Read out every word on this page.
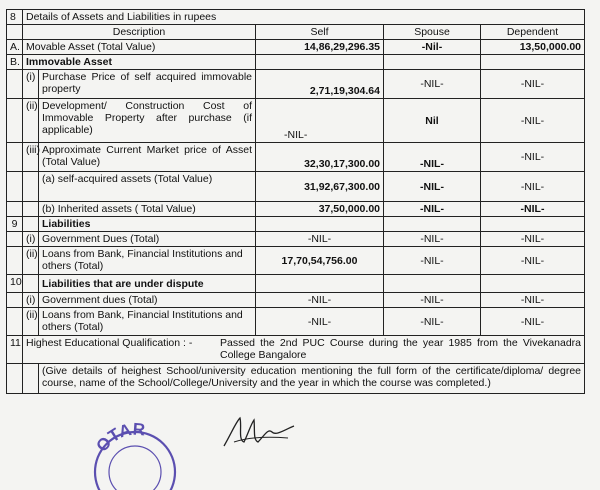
8	Details of Assets and Liabilities in rupees				
	Description		Self	Spouse	Dependent
A.	Movable Asset (Total Value)		14,86,29,296.35	-Nil-	13,50,000.00
B.	Immovable Asset				
	(i)	Purchase Price of self acquired immovable property	2,71,19,304.64	-NIL-	-NIL-
	(ii)	Development/ Construction Cost of Immovable Property after purchase (if applicable)	-NIL-	Nil	-NIL-
	(iii)	Approximate Current Market price of Asset (Total Value)	32,30,17,300.00	-NIL-	-NIL-
		(a) self-acquired assets (Total Value)	31,92,67,300.00	-NIL-	-NIL-
		(b) Inherited assets ( Total Value)	37,50,000.00	-NIL-	-NIL-
9		Liabilities			
	(i)	Government Dues (Total)	-NIL-	-NIL-	-NIL-
	(ii)	Loans from Bank, Financial Institutions and others (Total)	17,70,54,756.00	-NIL-	-NIL-
10		Liabilities that are under dispute			
	(i)	Government dues (Total)	-NIL-	-NIL-	-NIL-
	(ii)	Loans from Bank, Financial Institutions and others (Total)	-NIL-	-NIL-	-NIL-
11	Highest Educational Qualification : - Passed the 2nd PUC Course during the year 1985 from the Vivekanadra College Bangalore				

		(Give details of heighest School/university education mentioning the full form of the certificate/diploma/ degree course, name of the School/College/University and the year in which the course was completed.)			
OTAR
